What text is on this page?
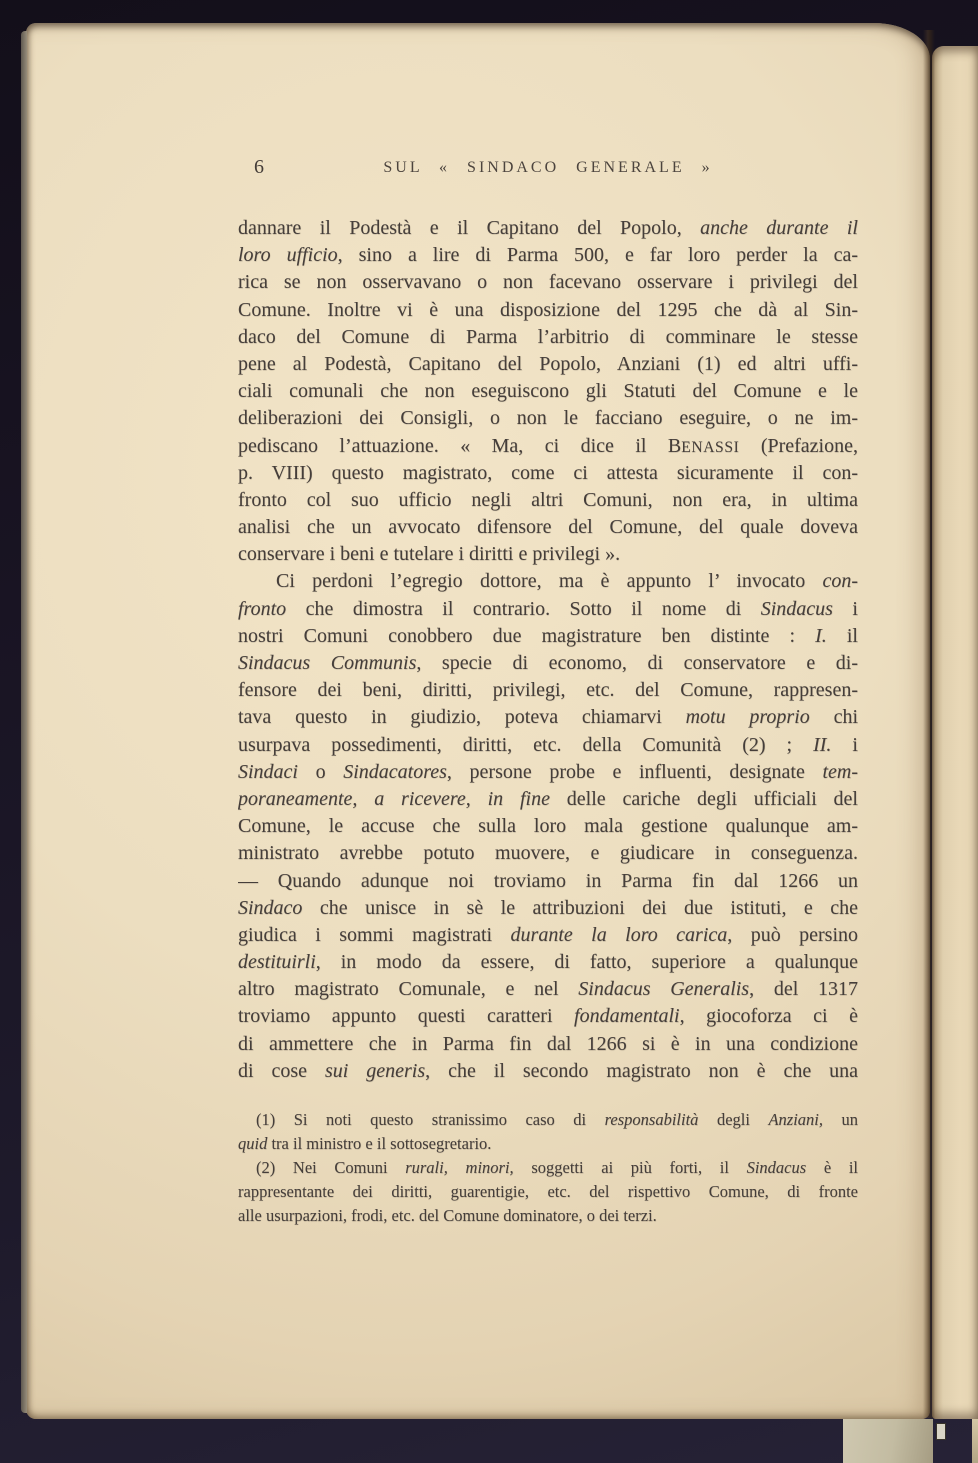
6	SUL « SINDACO GENERALE »
dannare il Podestà e il Capitano del Popolo, anche durante il
loro ufficio, sino a lire di Parma 500, e far loro perder la ca-
rica se non osservavano o non facevano osservare i privilegi del
Comune. Inoltre vi è una disposizione del 1295 che dà al Sin-
daco del Comune di Parma l’arbitrio di comminare le stesse
pene al Podestà, Capitano del Popolo, Anziani (1) ed altri uffi-
ciali comunali che non eseguiscono gli Statuti del Comune e le
deliberazioni dei Consigli, o non le facciano eseguire, o ne im-
pediscano l’attuazione. « Ma, ci dice il BENASSI (Prefazione,
p. VIII) questo magistrato, come ci attesta sicuramente il con-
fronto col suo ufficio negli altri Comuni, non era, in ultima
analisi che un avvocato difensore del Comune, del quale doveva
conservare i beni e tutelare i diritti e privilegi ».
Ci perdoni l’egregio dottore, ma è appunto l’ invocato con-
fronto che dimostra il contrario. Sotto il nome di Sindacus i
nostri Comuni conobbero due magistrature ben distinte : I. il
Sindacus Communis, specie di economo, di conservatore e di-
fensore dei beni, diritti, privilegi, etc. del Comune, rappresen-
tava questo in giudizio, poteva chiamarvi motu proprio chi
usurpava possedimenti, diritti, etc. della Comunità (2) ; II. i
Sindaci o Sindacatores, persone probe e influenti, designate tem-
poraneamente, a ricevere, in fine delle cariche degli ufficiali del
Comune, le accuse che sulla loro mala gestione qualunque am-
ministrato avrebbe potuto muovere, e giudicare in conseguenza.
— Quando adunque noi troviamo in Parma fin dal 1266 un
Sindaco che unisce in sè le attribuzioni dei due istituti, e che
giudica i sommi magistrati durante la loro carica, può persino
destituirli, in modo da essere, di fatto, superiore a qualunque
altro magistrato Comunale, e nel Sindacus Generalis, del 1317
troviamo appunto questi caratteri fondamentali, giocoforza ci è
di ammettere che in Parma fin dal 1266 si è in una condizione
di cose sui generis, che il secondo magistrato non è che una
(1) Si noti questo stranissimo caso di responsabilità degli Anziani, un
quid tra il ministro e il sottosegretario.
(2) Nei Comuni rurali, minori, soggetti ai più forti, il Sindacus è il
rappresentante dei diritti, guarentigie, etc. del rispettivo Comune, di fronte
alle usurpazioni, frodi, etc. del Comune dominatore, o dei terzi.
